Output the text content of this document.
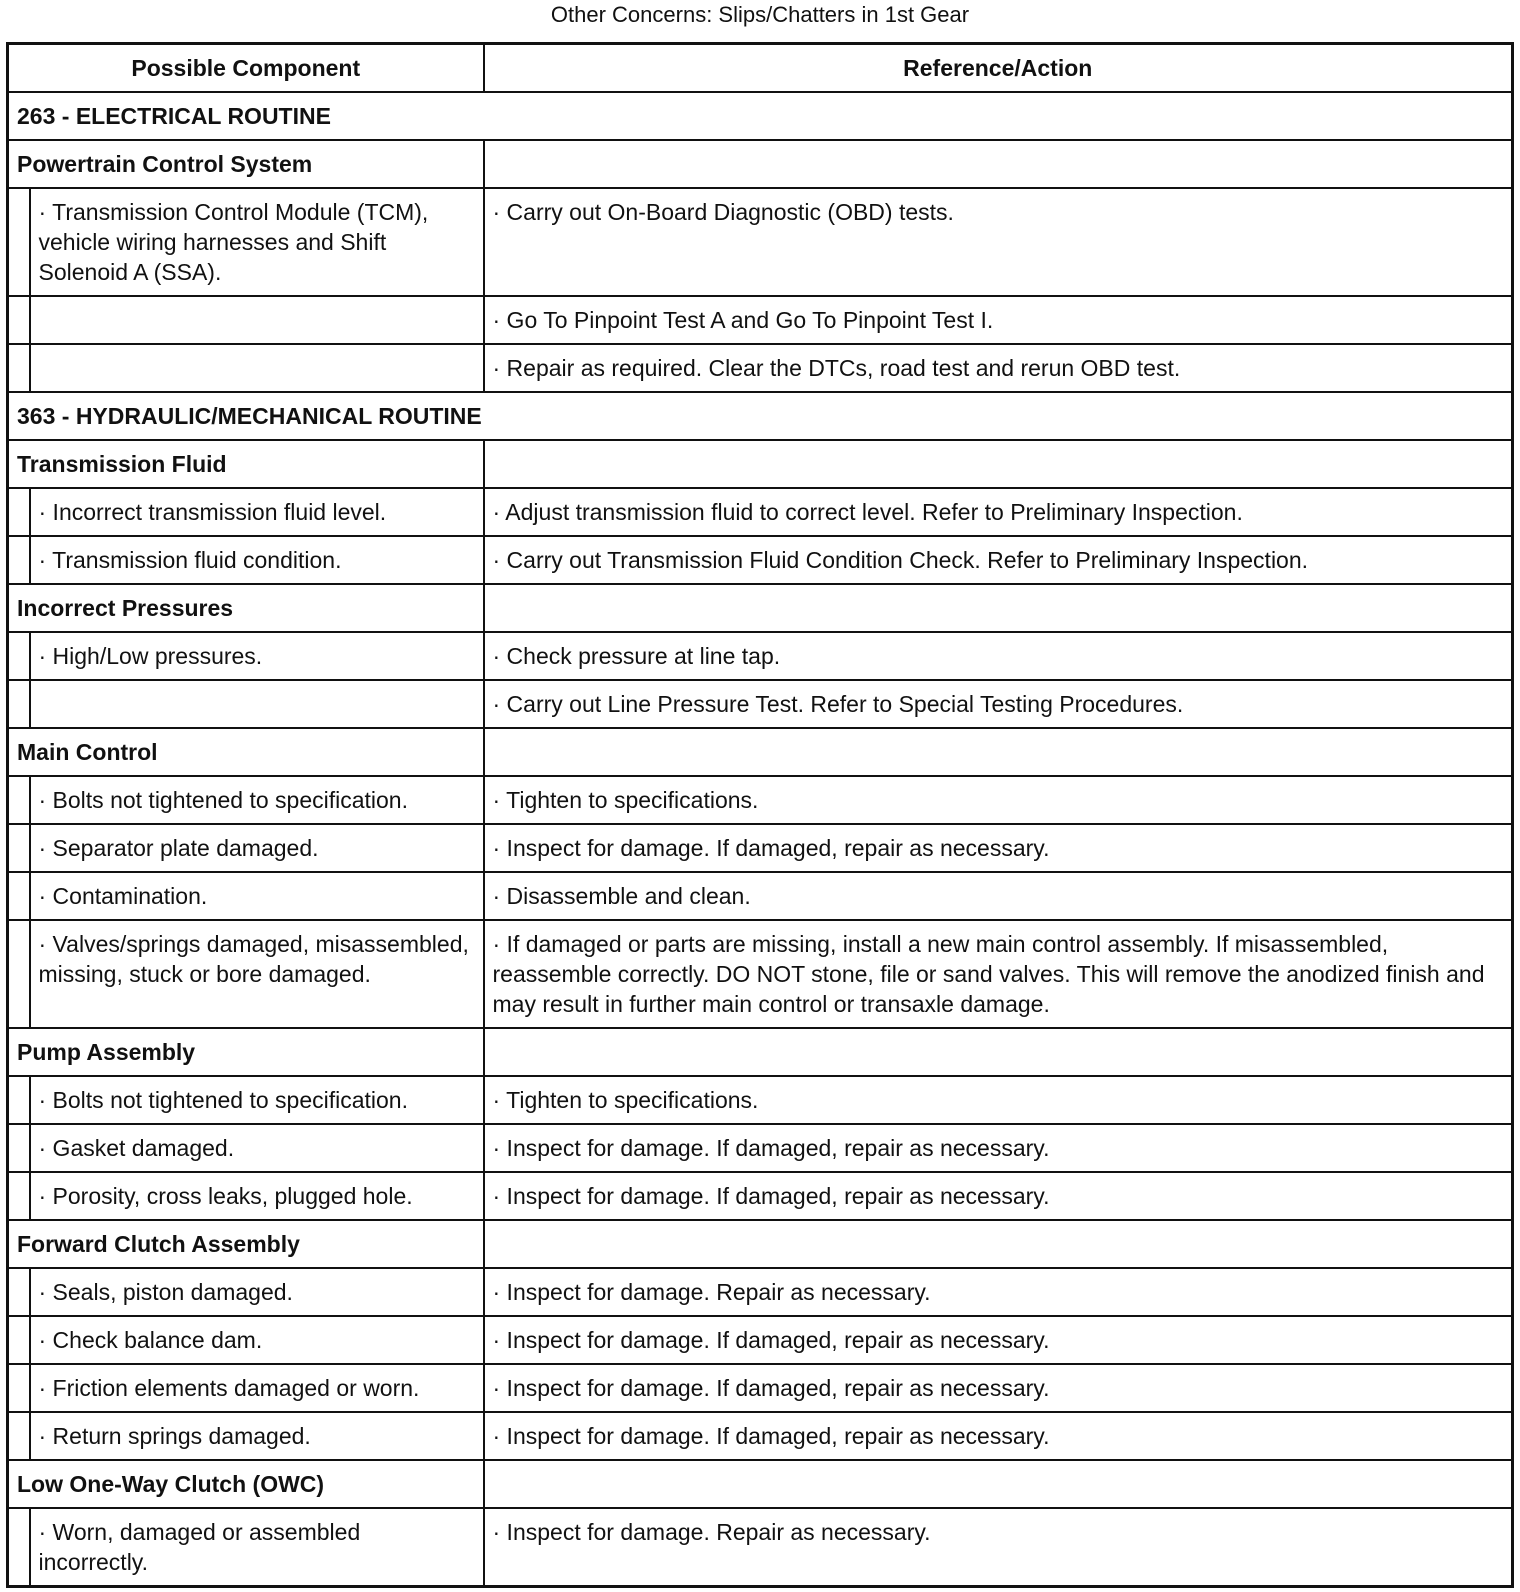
Other Concerns: Slips/Chatters in 1st Gear
Possible Component		Reference/Action
263 - ELECTRICAL ROUTINE		
Powertrain Control System		
	· Transmission Control Module (TCM), vehicle wiring harnesses and Shift Solenoid A (SSA).	· Carry out On-Board Diagnostic (OBD) tests.
		· Go To Pinpoint Test A and Go To Pinpoint Test I.
		· Repair as required. Clear the DTCs, road test and rerun OBD test.
363 - HYDRAULIC/MECHANICAL ROUTINE		
Transmission Fluid		
	· Incorrect transmission fluid level.	· Adjust transmission fluid to correct level. Refer to Preliminary Inspection.
	· Transmission fluid condition.	· Carry out Transmission Fluid Condition Check. Refer to Preliminary Inspection.
Incorrect Pressures		
	· High/Low pressures.	· Check pressure at line tap.
		· Carry out Line Pressure Test. Refer to Special Testing Procedures.
Main Control		
	· Bolts not tightened to specification.	· Tighten to specifications.
	· Separator plate damaged.	· Inspect for damage. If damaged, repair as necessary.
	· Contamination.	· Disassemble and clean.
	· Valves/springs damaged, misassembled, missing, stuck or bore damaged.	· If damaged or parts are missing, install a new main control assembly. If misassembled, reassemble correctly. DO NOT stone, file or sand valves. This will remove the anodized finish and may result in further main control or transaxle damage.
Pump Assembly		
	· Bolts not tightened to specification.	· Tighten to specifications.
	· Gasket damaged.	· Inspect for damage. If damaged, repair as necessary.
	· Porosity, cross leaks, plugged hole.	· Inspect for damage. If damaged, repair as necessary.
Forward Clutch Assembly		
	· Seals, piston damaged.	· Inspect for damage. Repair as necessary.
	· Check balance dam.	· Inspect for damage. If damaged, repair as necessary.
	· Friction elements damaged or worn.	· Inspect for damage. If damaged, repair as necessary.
	· Return springs damaged.	· Inspect for damage. If damaged, repair as necessary.
Low One-Way Clutch (OWC)		
	· Worn, damaged or assembled incorrectly.	· Inspect for damage. Repair as necessary.
